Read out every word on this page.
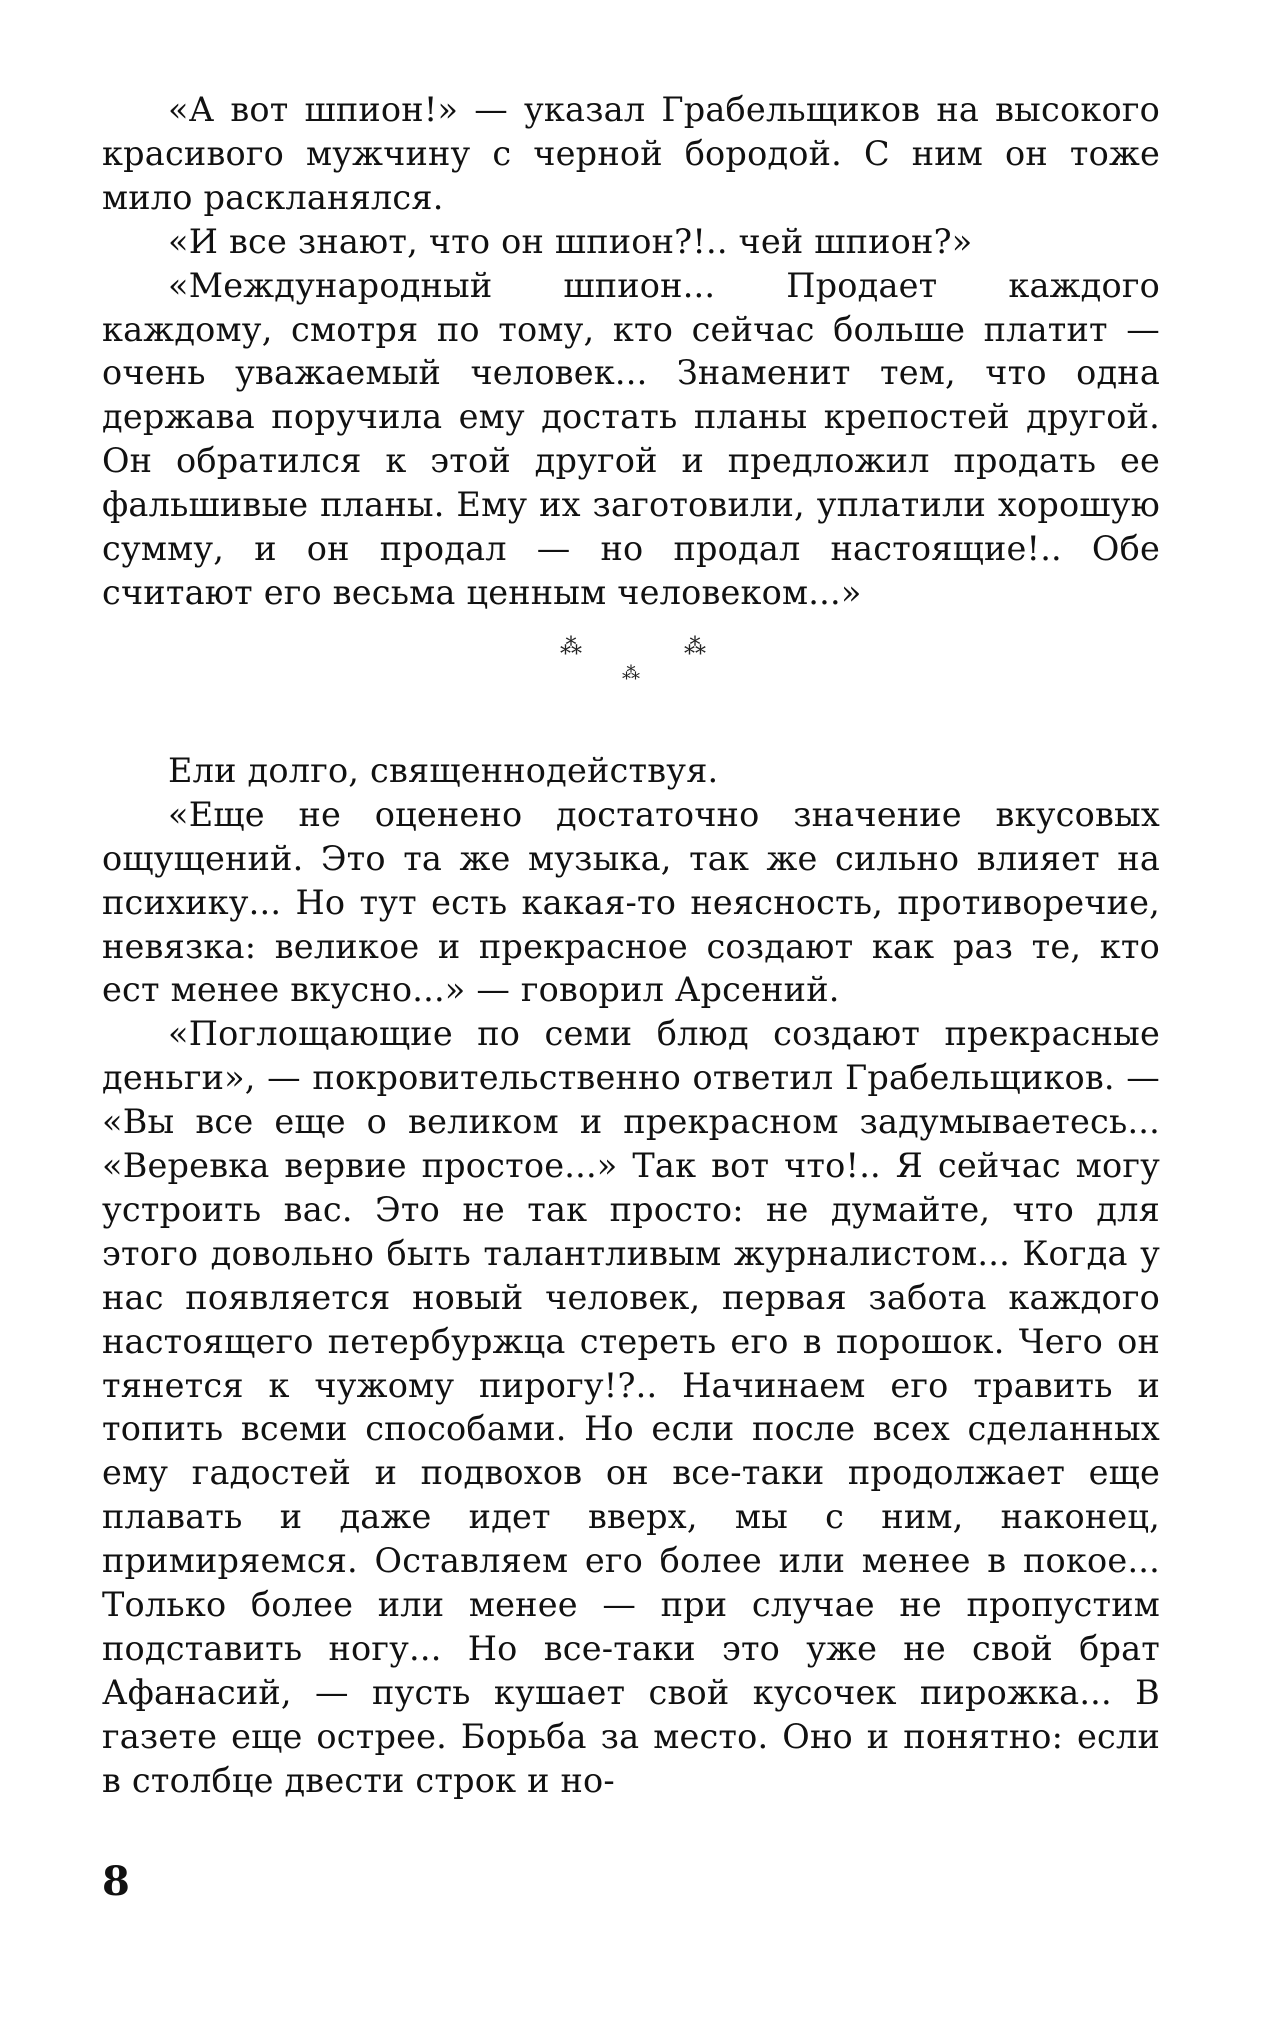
«А вот шпион!» — указал Грабельщиков на высокого красивого мужчину с черной бородой. С ним он тоже мило раскланялся.

«И все знают, что он шпион?!.. чей шпион?»

«Международный шпион... Продает каждого каждому, смотря по тому, кто сейчас больше платит — очень уважаемый человек... Знаменит тем, что одна держава поручила ему достать планы крепостей другой. Он обратился к этой другой и предложил продать ее фальшивые планы. Ему их заготовили, уплатили хорошую сумму, и он продал — но продал настоящие!.. Обе считают его весьма ценным человеком...»

⁂	⁂
⁂

Ели долго, священнодействуя.

«Еще не оценено достаточно значение вкусовых ощущений. Это та же музыка, так же сильно влияет на психику... Но тут есть какая-то неясность, противоречие, невязка: великое и прекрасное создают как раз те, кто ест менее вкусно...» — говорил Арсений.

«Поглощающие по семи блюд создают прекрасные деньги», — покровительственно ответил Грабельщиков. — «Вы все еще о великом и прекрасном задумываетесь... «Веревка вервие простое...» Так вот что!.. Я сейчас могу устроить вас. Это не так просто: не думайте, что для этого довольно быть талантливым журналистом... Когда у нас появляется новый человек, первая забота каждого настоящего петербуржца стереть его в порошок. Чего он тянется к чужому пирогу!?.. Начинаем его травить и топить всеми способами. Но если после всех сделанных ему гадостей и подвохов он все-таки продолжает еще плавать и даже идет вверх, мы с ним, наконец, примиряемся. Оставляем его более или менее в покое... Только более или менее — при случае не пропустим подставить ногу... Но все-таки это уже не свой брат Афанасий, — пусть кушает свой кусочек пирожка... В газете еще острее. Борьба за место. Оно и понятно: если в столбце двести строк и но-

8
